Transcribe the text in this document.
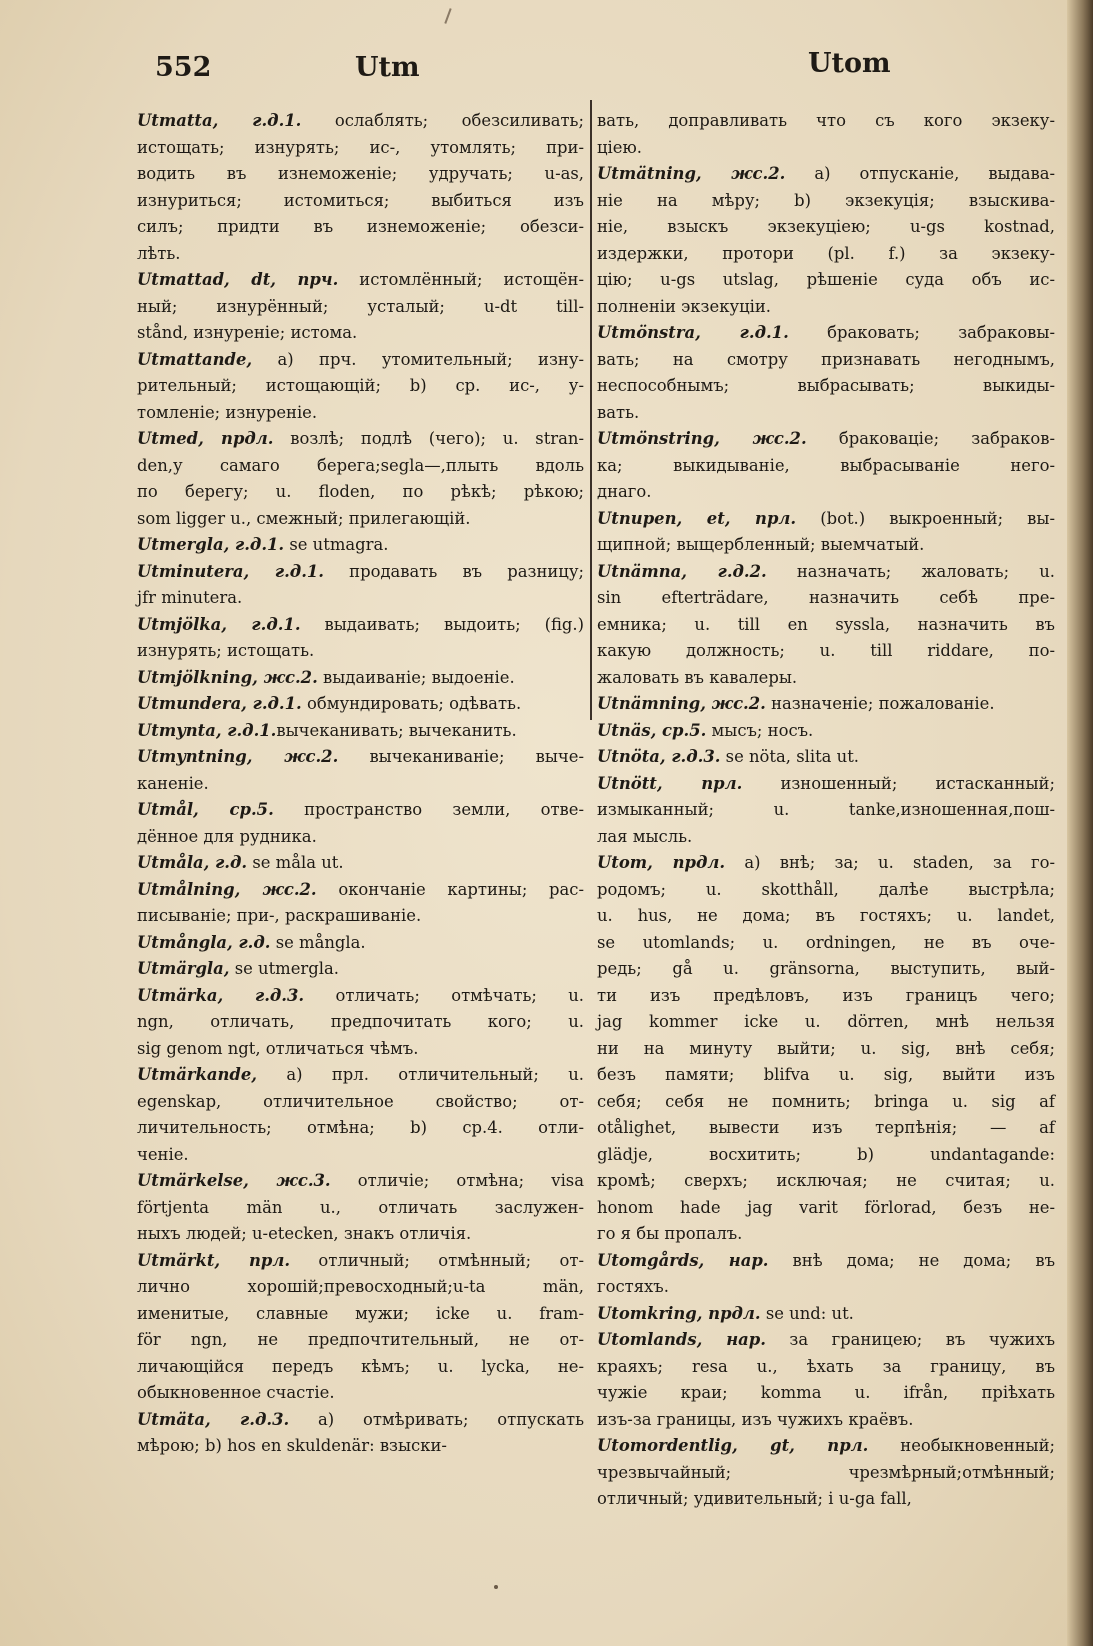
552	Utm	Utom

Utmatta, г.д.1. ослаблять; обезсиливать;
истощать; изнурять; ис-, утомлять; при-
водить въ изнеможеніе; удручать; u-as,
изнуриться; истомиться; выбиться изъ
силъ; придти въ изнеможеніе; обезси-
лѣть.

Utmattad, dt, прч. истомлённый; истощён-
ный; изнурённый; усталый; u-dt till-
stånd, изнуреніе; истома.

Utmattande, a) прч. утомительный; изну-
рительный; истощающій; b) ср. ис-, у-
томленіе; изнуреніе.

Utmed, прдл. возлѣ; подлѣ (чего); u. stran-
den,у самаго берега;segla—,плыть вдоль
по берегу; u. floden, по рѣкѣ; рѣкою;
som ligger u., смежный; прилегающій.

Utmergla, г.д.1. se utmagra.

Utminutera, г.д.1. продавать въ разницу;
jfr minutera.

Utmjölka, г.д.1. выдаивать; выдоить; (fig.)
изнурять; истощать.

Utmjölkning, жс.2. выдаиваніе; выдоеніе.

Utmundera, г.д.1. обмундировать; одѣвать.

Utmynta, г.д.1.вычеканивать; вычеканить.

Utmyntning, жс.2. вычеканиваніе; выче-
каненіе.

Utmål, ср.5. пространство земли, отве-
дённое для рудника.

Utmåla, г.д. se måla ut.

Utmålning, жс.2. окончаніе картины; рас-
писываніе; при-, раскрашиваніе.

Utmångla, г.д. se mångla.

Utmärgla, se utmergla.

Utmärka, г.д.3. отличать; отмѣчать; u.
ngn, отличать, предпочитать кого; u.
sig genom ngt, отличаться чѣмъ.

Utmärkande, a) прл. отличительный; u.
egenskap, отличительное свойство; от-
личительность; отмѣна; b) ср.4. отли-
ченіе.

Utmärkelse, жс.3. отличіе; отмѣна; visa
förtjenta män u., отличать заслужен-
ныхъ людей; u-etecken, знакъ отличія.

Utmärkt, прл. отличный; отмѣнный; от-
лично хорошій;превосходный;u-ta män,
именитые, славные мужи; icke u. fram-
för ngn, не предпочтительный, не от-
личающійся передъ кѣмъ; u. lycka, не-
обыкновенное счастіе.

Utmäta, г.д.3. a) отмѣривать; отпускать
мѣрою; b) hos en skuldenär: взыски-

вать, доправливать что съ кого экзеку-
ціею.

Utmätning, жс.2. a) отпусканіе, выдава-
ніе на мѣру; b) экзекуція; взыскива-
ніе, взыскъ экзекуціею; u-gs kostnad,
издержки, протори (pl. f.) за экзеку-
цію; u-gs utslag, рѣшеніе суда объ ис-
полненіи экзекуціи.

Utmönstra, г.д.1. браковать; забраковы-
вать; на смотру признавать негоднымъ,
неспособнымъ; выбрасывать; выкиды-
вать.

Utmönstring, жс.2. браковаціе; забраков-
ка; выкидываніе, выбрасываніе него-
днаго.

Utnupen, et, прл. (bot.) выкроенный; вы-
щипной; выщербленный; выемчатый.

Utnämna, г.д.2. назначать; жаловать; u.
sin efterträdare, назначить себѣ пре-
емника; u. till en syssla, назначить въ
какую должность; u. till riddare, по-
жаловать въ кавалеры.

Utnämning, жс.2. назначеніе; пожалованіе.

Utnäs, ср.5. мысъ; носъ.

Utnöta, г.д.3. se nöta, slita ut.

Utnött, прл. изношенный; истасканный;
измыканный; u. tanke,изношенная,пош-
лая мысль.

Utom, прдл. a) внѣ; за; u. staden, за го-
родомъ; u. skotthåll, далѣе выстрѣла;
u. hus, не дома; въ гостяхъ; u. landet,
se utomlands; u. ordningen, не въ оче-
редь; gå u. gränsorna, выступить, вый-
ти изъ предѣловъ, изъ границъ чего;
jag kommer icke u. dörren, мнѣ нельзя
ни на минуту выйти; u. sig, внѣ себя;
безъ памяти; blifva u. sig, выйти изъ
себя; себя не помнить; bringa u. sig af
otålighet, вывести изъ терпѣнія; — af
glädje, восхитить; b) undantagande:
кромѣ; сверхъ; исключая; не считая; u.
honom hade jag varit förlorad, безъ не-
го я бы пропалъ.

Utomgårds, нар. внѣ дома; не дома; въ
гостяхъ.

Utomkring, прдл. se und: ut.

Utomlands, нар. за границею; въ чужихъ
краяхъ; resa u., ѣхать за границу, въ
чужіе краи; komma u. ifrån, пріѣхать
изъ-за границы, изъ чужихъ краёвъ.

Utomordentlig, gt, прл. необыкновенный;
чрезвычайный; чрезмѣрный;отмѣнный;
отличный; удивительный; i u-ga fall,
